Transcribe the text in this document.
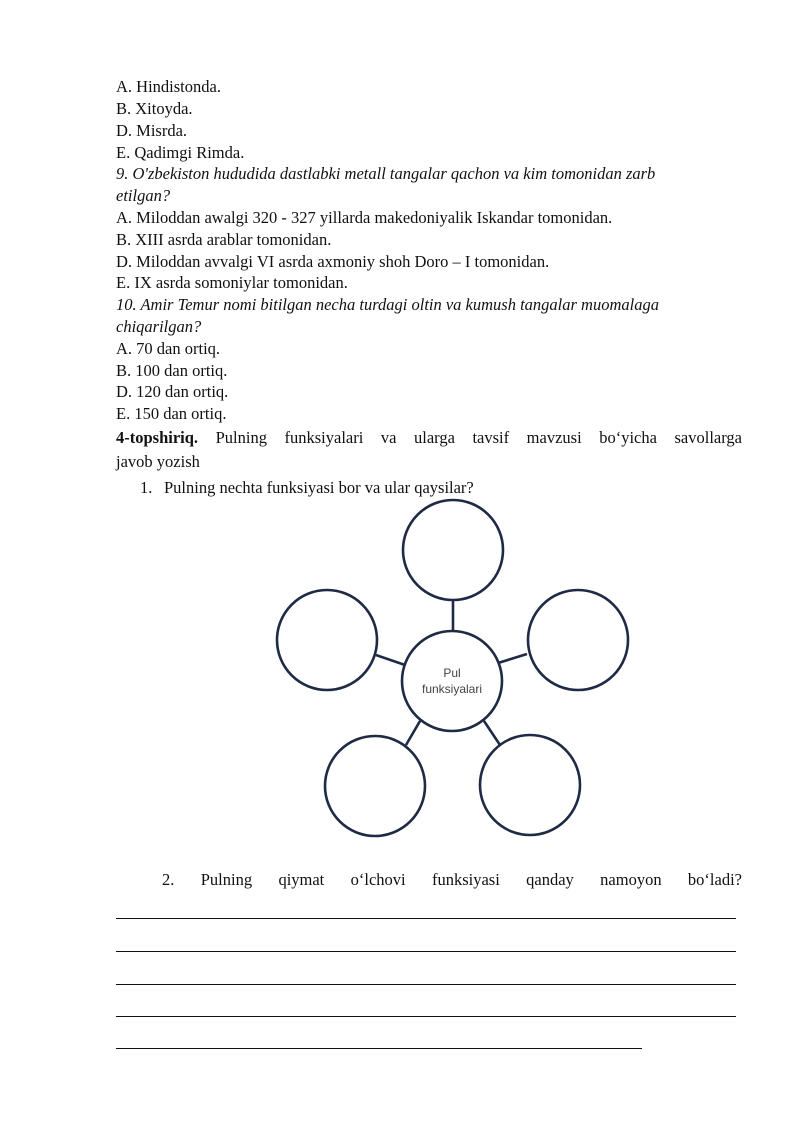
A. Hindistonda.
B. Xitoyda.
D. Misrda.
E. Qadimgi Rimda.
9. O'zbekiston hududida dastlabki metall tangalar qachon va kim tomonidan zarb
etilgan?
A. Miloddan awalgi 320 - 327 yillarda makedoniyalik Iskandar tomonidan.
B. XIII asrda arablar tomonidan.
D. Miloddan avvalgi VI asrda axmoniy shoh Doro – I tomonidan.
E. IX asrda somoniylar tomonidan.
10. Amir Temur nomi bitilgan necha turdagi oltin va kumush tangalar muomalaga
chiqarilgan?
A. 70 dan ortiq.
B. 100 dan ortiq.
D. 120 dan ortiq.
E. 150 dan ortiq.
4-topshiriq. Pulning funksiyalari va ularga tavsif mavzusi bo‘yicha savollarga
javob yozish
1. Pulning nechta funksiyasi bor va ular qaysilar?
Pul
funksiyalari
2. Pulning qiymat o‘lchovi funksiyasi qanday namoyon bo‘ladi?
